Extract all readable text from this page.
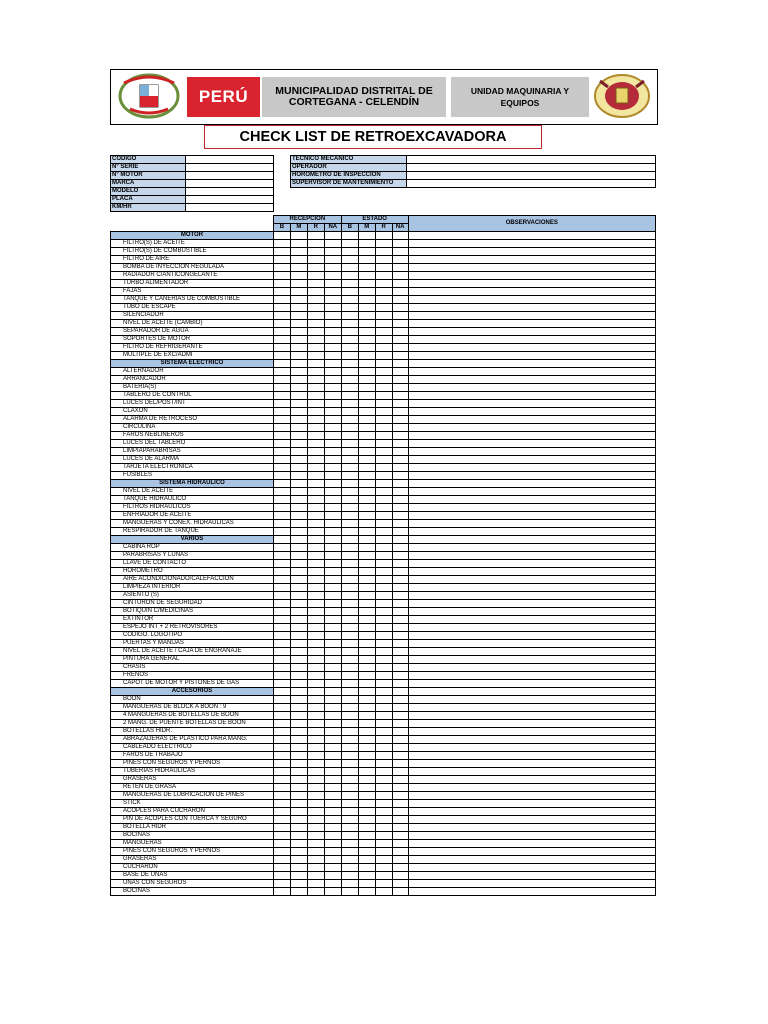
PERÚ	MUNICIPALIDAD DISTRITAL DE
CORTEGANA - CELENDÍN
UNIDAD MAQUINARIA Y
EQUIPOS
CHECK LIST DE RETROEXCAVADORA
CODIGO	
N° SERIE	
N° MOTOR	
MARCA	
MODELO	
PLACA	
KM/HR	
TECNICO MECANICO	
OPERADOR	
HOROMETRO DE INSPECCION	
SUPERVISOR DE MANTENIMIENTO	
	RECEPCION				ESTADO				OBSERVACIONES
	B	M	R	NA	B	M	R	NA	
MOTOR									
FILTRO(S) DE ACEITE									
FILTRO(S) DE COMBUSTIBLE									
FILTRO DE AIRE									
BOMBA DE INYECCION REGULADA									
RADIADOR C/ANTICONGELANTE									
TURBO ALIMENTADOR									
FAJAS									
TANQUE Y CAÑERIAS DE COMBUSTIBLE									
TUBO DE ESCAPE									
SILENCIADOR									
NIVEL DE ACEITE (CAMBIO)									
SEPARADOR DE AGUA									
SOPORTES DE MOTOR									
FILTRO DE REFRIGERANTE									
MULTIPLE DE EXC/ADMI									
SISTEMA ELECTRICO									
ALTERNADOR									
ARRANCADOR									
BATERIA(S)									
TABLERO DE CONTROL									
LUCES DEL/POST/INT									
CLAXON									
ALARMA DE RETROCESO									
CIRCULINA									
FAROS NEBLINEROS									
LUCES DEL TABLERO									
LIMPIAPARABRISAS									
LUCES DE ALARMA									
TARJETA ELECTRONICA									
FUSIBLES									
SISTEMA HIDRAULICO									
NIVEL DE ACEITE									
TANQUE HIDRAULICO									
FILTROS HIDRAULICOS									
ENFRIADOR DE ACEITE									
MANGUERAS Y CONEX. HIDRAULICAS									
RESPIRADOR DE TANQUE									
VARIOS									
CABINA ROP									
PARABRISAS Y LUNAS									
LLAVE DE CONTACTO									
HOROMETRO									
AIRE ACONDICIONADO/CALEFACCION									
LIMPIEZA INTERIOR									
ASIENTO (S)									
CINTURON DE SEGURIDAD									
BOTIQUIN C/MEDICINAS									
EXTINTOR									
ESPEJO INT + 2 RETROVISORES									
CODIGO. LOGOTIPO									
PUERTAS Y MANIJAS									
NIVEL DE ACEITE / CAJA DE ENGRANAJE									
PINTURA GENERAL									
CHASIS									
FRENOS									
CAPOT DE MOTOR Y PISTONES DE GAS									
ACCESORIOS									
BOON									
MANGUERAS DE BLOCK A BOON : 9									
4 MANGUERAS DE BOTELLAS DE BOON									
2 MANG. DE PUENTE BOTELLAS DE BOON									
BOTELLAS HIDR.									
ABRAZADERAS DE PLASTICO PARA MANG.									
CABLEADO ELECTRICO									
FAROS DE TRABAJO									
PINES CON SEGUROS Y PERNOS									
TUBERIAS HIDRAULICAS									
GRASERAS									
RETEN DE GRASA									
MANGUERAS DE LUBRICACION DE PINES									
STICK									
ACOPLES PARA CUCHARON									
PIN DE ACOPLES CON TUERCA Y SEGURO									
BOTELLA HIDR									
BOCINAS									
MANGUERAS									
PINES CON SEGUROS Y PERNOS									
GRASERAS									
CUCHARON									
BASE DE UÑAS									
UÑAS CON SEGUROS									
BOCINAS									
